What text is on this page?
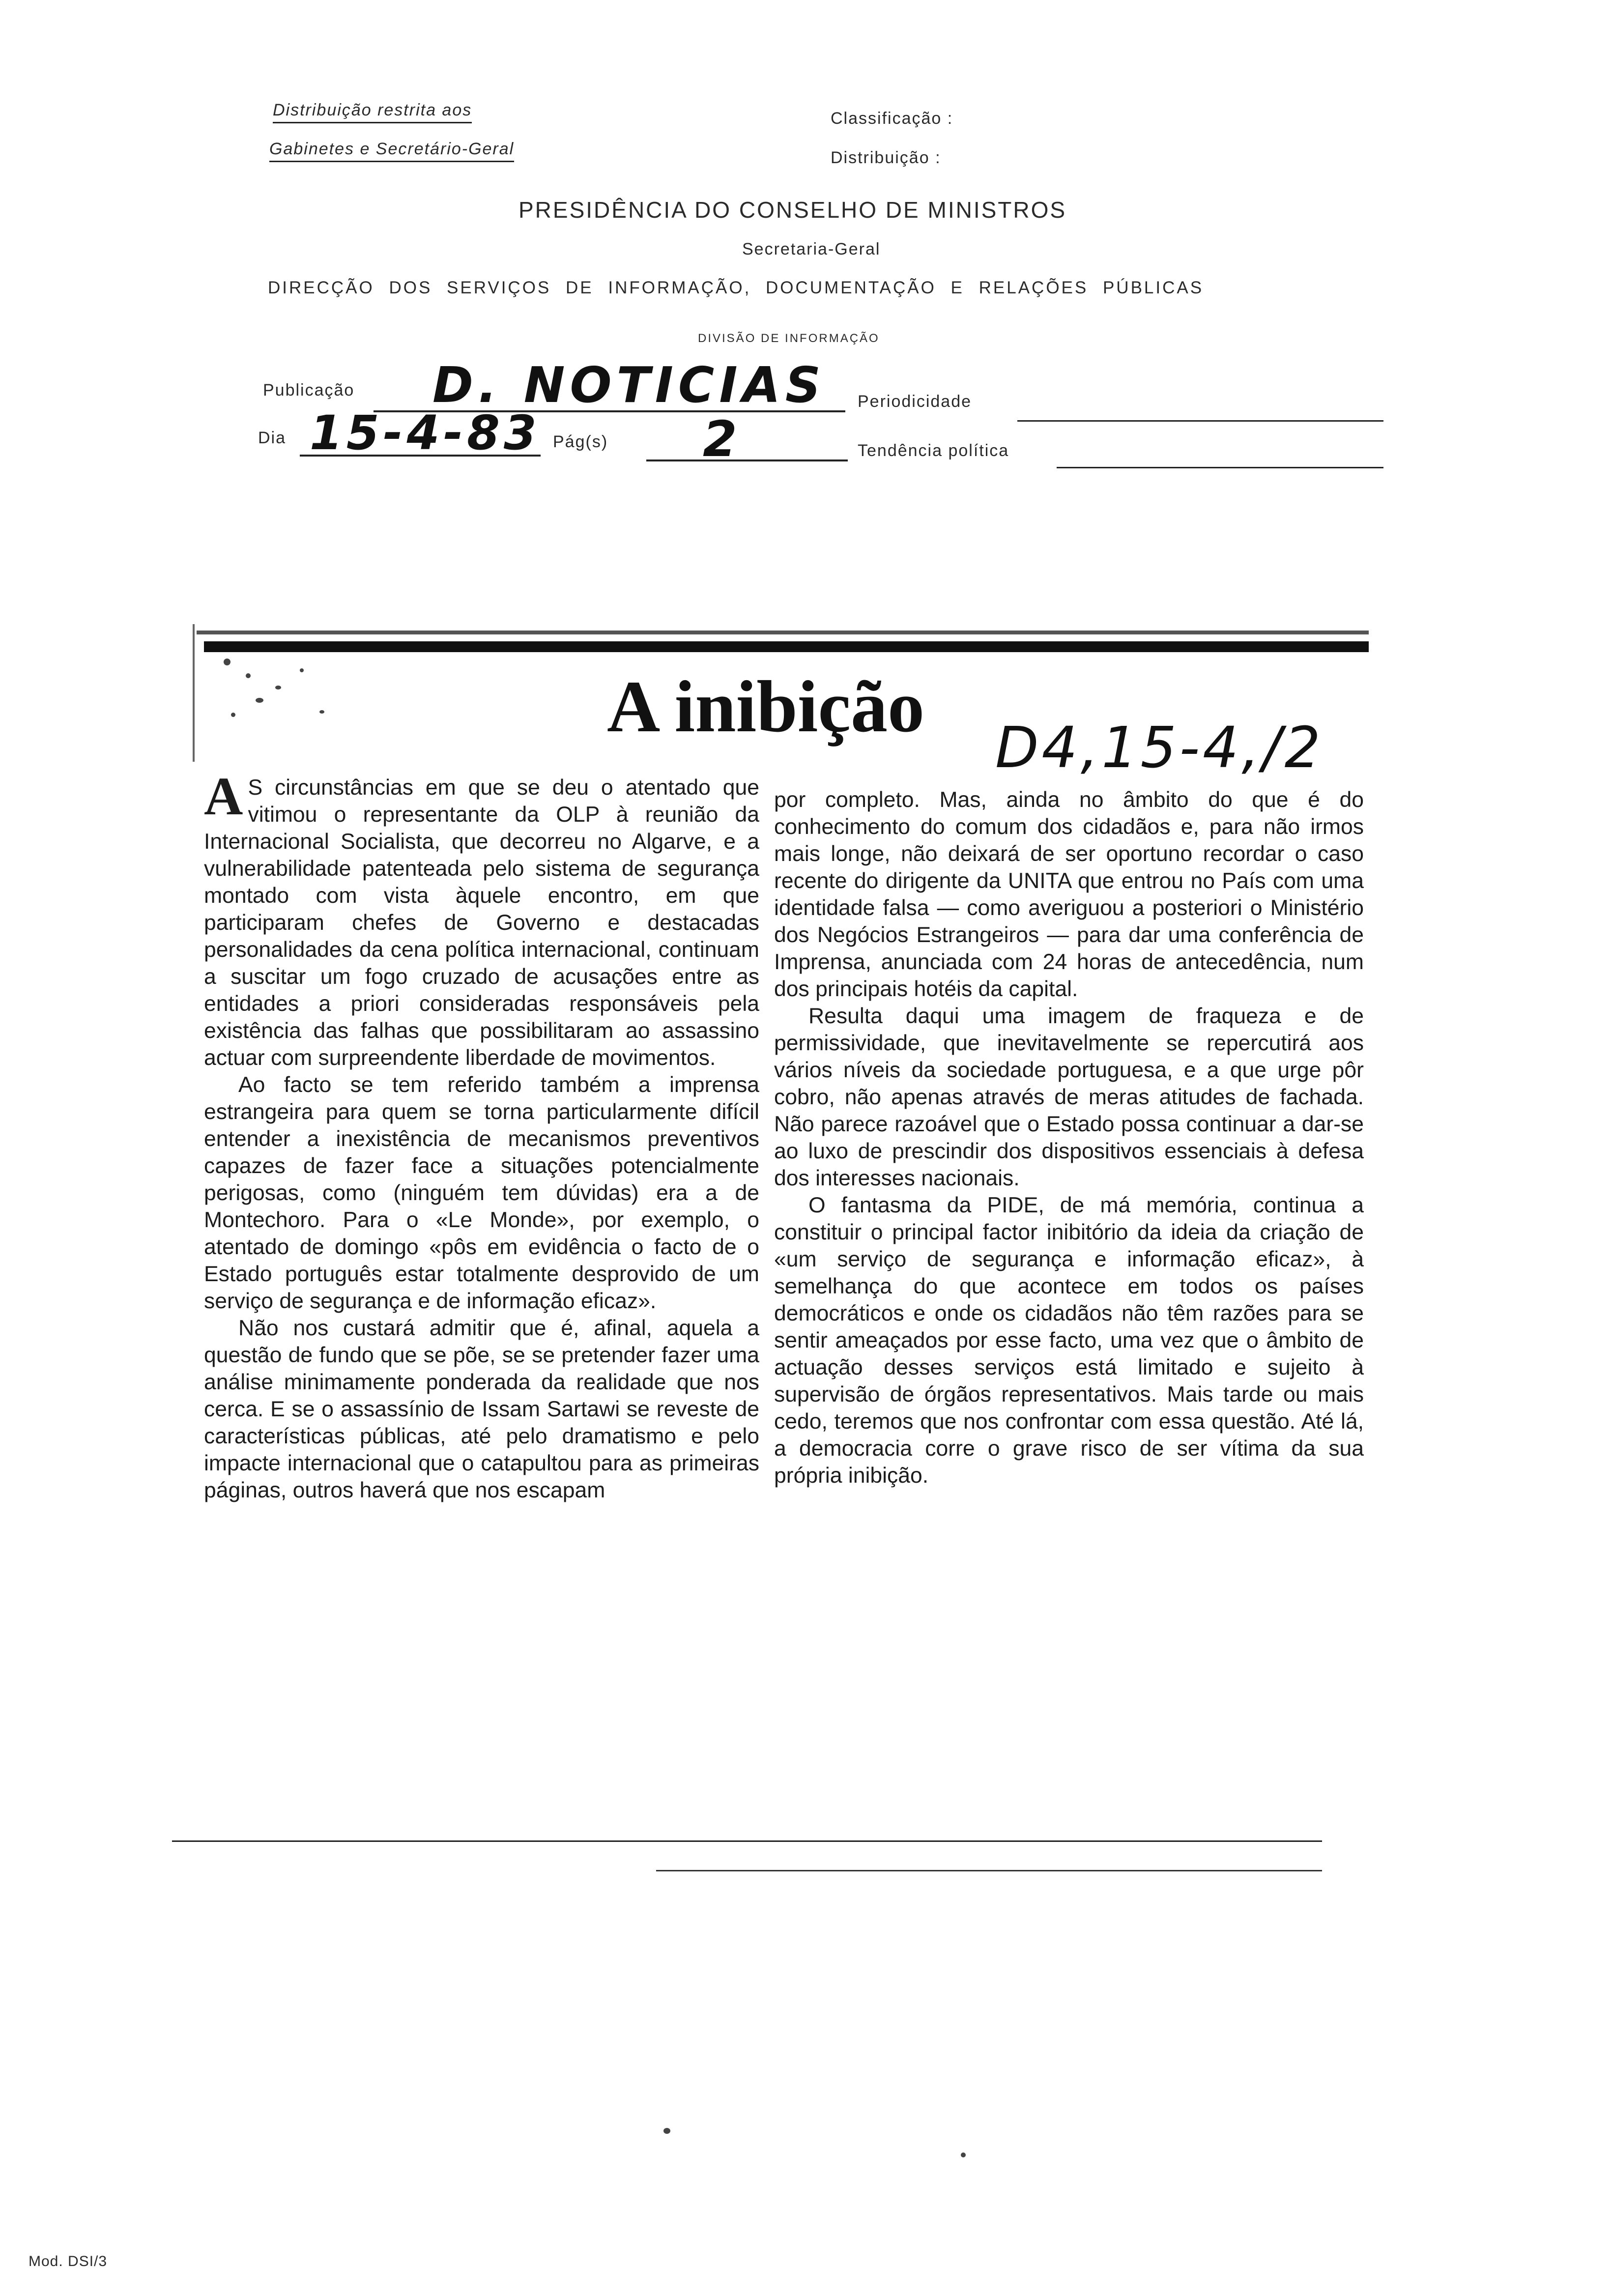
Distribuição restrita aos
Gabinetes e Secretário-Geral
Classificação :
Distribuição :
PRESIDÊNCIA DO CONSELHO DE MINISTROS
Secretaria-Geral
DIRECÇÃO DOS SERVIÇOS DE INFORMAÇÃO, DOCUMENTAÇÃO E RELAÇÕES PÚBLICAS
DIVISÃO DE INFORMAÇÃO
Publicação D. NOTICIAS Periodicidade
Dia 15-4-83 Pág(s) 2	Tendência política
A inibição
D4,15-4,/2

A S circunstâncias em que se deu o atentado que vitimou o representante da OLP à reunião da Internacional Socialista, que decorreu no Algarve, e a vulnerabilidade patenteada pelo sistema de segurança montado com vista àquele encontro, em que participaram chefes de Governo e destacadas personalidades da cena política internacional, continuam a suscitar um fogo cruzado de acusações entre as entidades a priori consideradas responsáveis pela existência das falhas que possibilitaram ao assassino actuar com surpreendente liberdade de movimentos.

Ao facto se tem referido também a imprensa estrangeira para quem se torna particularmente difícil entender a inexistência de mecanismos preventivos capazes de fazer face a situações potencialmente perigosas, como (ninguém tem dúvidas) era a de Montechoro. Para o «Le Monde», por exemplo, o atentado de domingo «pôs em evidência o facto de o Estado português estar totalmente desprovido de um serviço de segurança e de informação eficaz».

Não nos custará admitir que é, afinal, aquela a questão de fundo que se põe, se se pretender fazer uma análise minimamente ponderada da realidade que nos cerca. E se o assassínio de Issam Sartawi se reveste de características públicas, até pelo dramatismo e pelo impacte internacional que o catapultou para as primeiras páginas, outros haverá que nos escapam

por completo. Mas, ainda no âmbito do que é do conhecimento do comum dos cidadãos e, para não irmos mais longe, não deixará de ser oportuno recordar o caso recente do dirigente da UNITA que entrou no País com uma identidade falsa — como averiguou a posteriori o Ministério dos Negócios Estrangeiros — para dar uma conferência de Imprensa, anunciada com 24 horas de antecedência, num dos principais hotéis da capital.

Resulta daqui uma imagem de fraqueza e de permissividade, que inevitavelmente se repercutirá aos vários níveis da sociedade portuguesa, e a que urge pôr cobro, não apenas através de meras atitudes de fachada. Não parece razoável que o Estado possa continuar a dar-se ao luxo de prescindir dos dispositivos essenciais à defesa dos interesses nacionais.

O fantasma da PIDE, de má memória, continua a constituir o principal factor inibitório da ideia da criação de «um serviço de segurança e informação eficaz», à semelhança do que acontece em todos os países democráticos e onde os cidadãos não têm razões para se sentir ameaçados por esse facto, uma vez que o âmbito de actuação desses serviços está limitado e sujeito à supervisão de órgãos representativos. Mais tarde ou mais cedo, teremos que nos confrontar com essa questão. Até lá, a democracia corre o grave risco de ser vítima da sua própria inibição.

Mod. DSI/3
